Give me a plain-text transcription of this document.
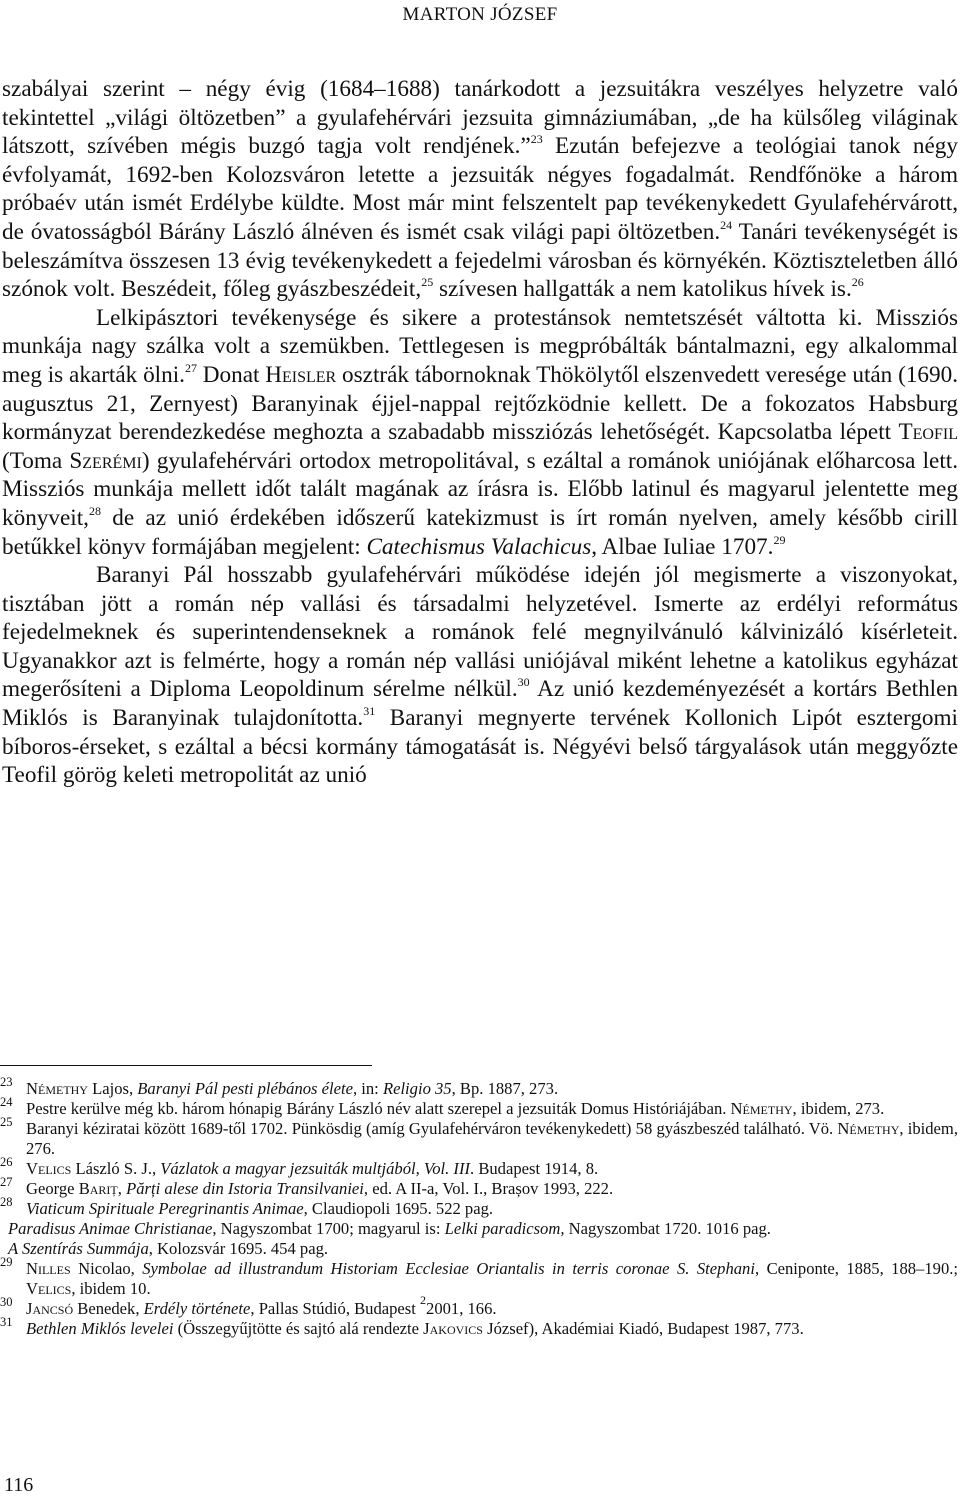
MARTON JÓZSEF

szabályai szerint – négy évig (1684–1688) tanárkodott a jezsuitákra veszélyes helyzetre való tekintettel „világi öltözetben” a gyulafehérvári jezsuita gimnáziumában, „de ha külsőleg világinak látszott, szívében mégis buzgó tagja volt rendjének.”$^{23}$ Ezután befejezve a teológiai tanok négy évfolyamát, 1692-ben Kolozsváron letette a jezsuiták négyes fogadalmát. Rendfőnöke a három próbaév után ismét Erdélybe küldte. Most már mint felszentelt pap tevékenykedett Gyulafehérvárott, de óvatosságból Bárány László álnéven és ismét csak világi papi öltözetben.$^{24}$ Tanári tevékenységét is beleszámítva összesen 13 évig tevékenykedett a fejedelmi városban és környékén. Köztiszteletben álló szónok volt. Beszédeit, főleg gyászbeszédeit,$^{25}$ szívesen hallgatták a nem katolikus hívek is.$^{26}$

Lelkipásztori tevékenysége és sikere a protestánsok nemtetszését váltotta ki. Missziós munkája nagy szálka volt a szemükben. Tettlegesen is megpróbálták bántalmazni, egy alkalommal meg is akarták ölni.$^{27}$ Donat Heisler osztrák tábornoknak Thökölytől elszenvedett veresége után (1690. augusztus 21, Zernyest) Baranyinak éjjel-nappal rejtőzködnie kellett. De a fokozatos Habsburg kormányzat berendezkedése meghozta a szabadabb missziózás lehetőségét. Kapcsolatba lépett Teofil (Toma Szerémi) gyulafehérvári ortodox metropolitával, s ezáltal a románok uniójának előharcosa lett. Missziós munkája mellett időt talált magának az írásra is. Előbb latinul és magyarul jelentette meg könyveit,$^{28}$ de az unió érdekében időszerű katekizmust is írt román nyelven, amely később cirill betűkkel könyv formájában megjelent: Catechismus Valachicus, Albae Iuliae 1707.29

Baranyi Pál hosszabb gyulafehérvári működése idején jól megismerte a viszonyokat, tisztában jött a román nép vallási és társadalmi helyzetével. Ismerte az erdélyi református fejedelmeknek és superintendenseknek a románok felé megnyilvánuló kálvinizáló kísérleteit. Ugyanakkor azt is felmérte, hogy a román nép vallási uniójával miként lehetne a katolikus egyházat megerősíteni a Diploma Leopoldinum sérelme nélkül.$^{30}$ Az unió kezdeményezését a kortárs Bethlen Miklós is Baranyinak tulajdonította.$^{31}$ Baranyi megnyerte tervének Kollonich Lipót esztergomi bíboros-érseket, s ezáltal a bécsi kormány támogatását is. Négyévi belső tárgyalások után meggyőzte Teofil görög keleti metropolitát az unió

23 Némethy Lajos, Baranyi Pál pesti plébános élete, in: Religio 35, Bp. 1887, 273.

24 Pestre kerülve még kb. három hónapig Bárány László név alatt szerepel a jezsuiták Domus Históriájában. Némethy, ibidem, 273.

25 Baranyi kéziratai között 1689-től 1702. Pünkösdig (amíg Gyulafehérváron tevékenykedett) 58 gyászbeszéd található. Vö. Némethy, ibidem, 276.

26 Velics László S. J., Vázlatok a magyar jezsuiták multjából, Vol. III. Budapest 1914, 8.

27 George Bariț, Părți alese din Istoria Transilvaniei, ed. A II-a, Vol. I., Brașov 1993, 222.

28 Viaticum Spirituale Peregrinantis Animae, Claudiopoli 1695. 522 pag.

Paradisus Animae Christianae, Nagyszombat 1700; magyarul is: Lelki paradicsom, Nagyszombat 1720. 1016 pag.

A Szentírás Summája, Kolozsvár 1695. 454 pag.

29 Nilles Nicolao, Symbolae ad illustrandum Historiam Ecclesiae Oriantalis in terris coronae S. Stephani, Ceniponte, 1885, 188–190.; Velics, ibidem 10.

30 Jancsó Benedek, Erdély története, Pallas Stúdió, Budapest $^2$2001, 166.

31 Bethlen Miklós levelei (Összegyűjtötte és sajtó alá rendezte Jakovics József), Akadémiai Kiadó, Budapest 1987, 773.

116
